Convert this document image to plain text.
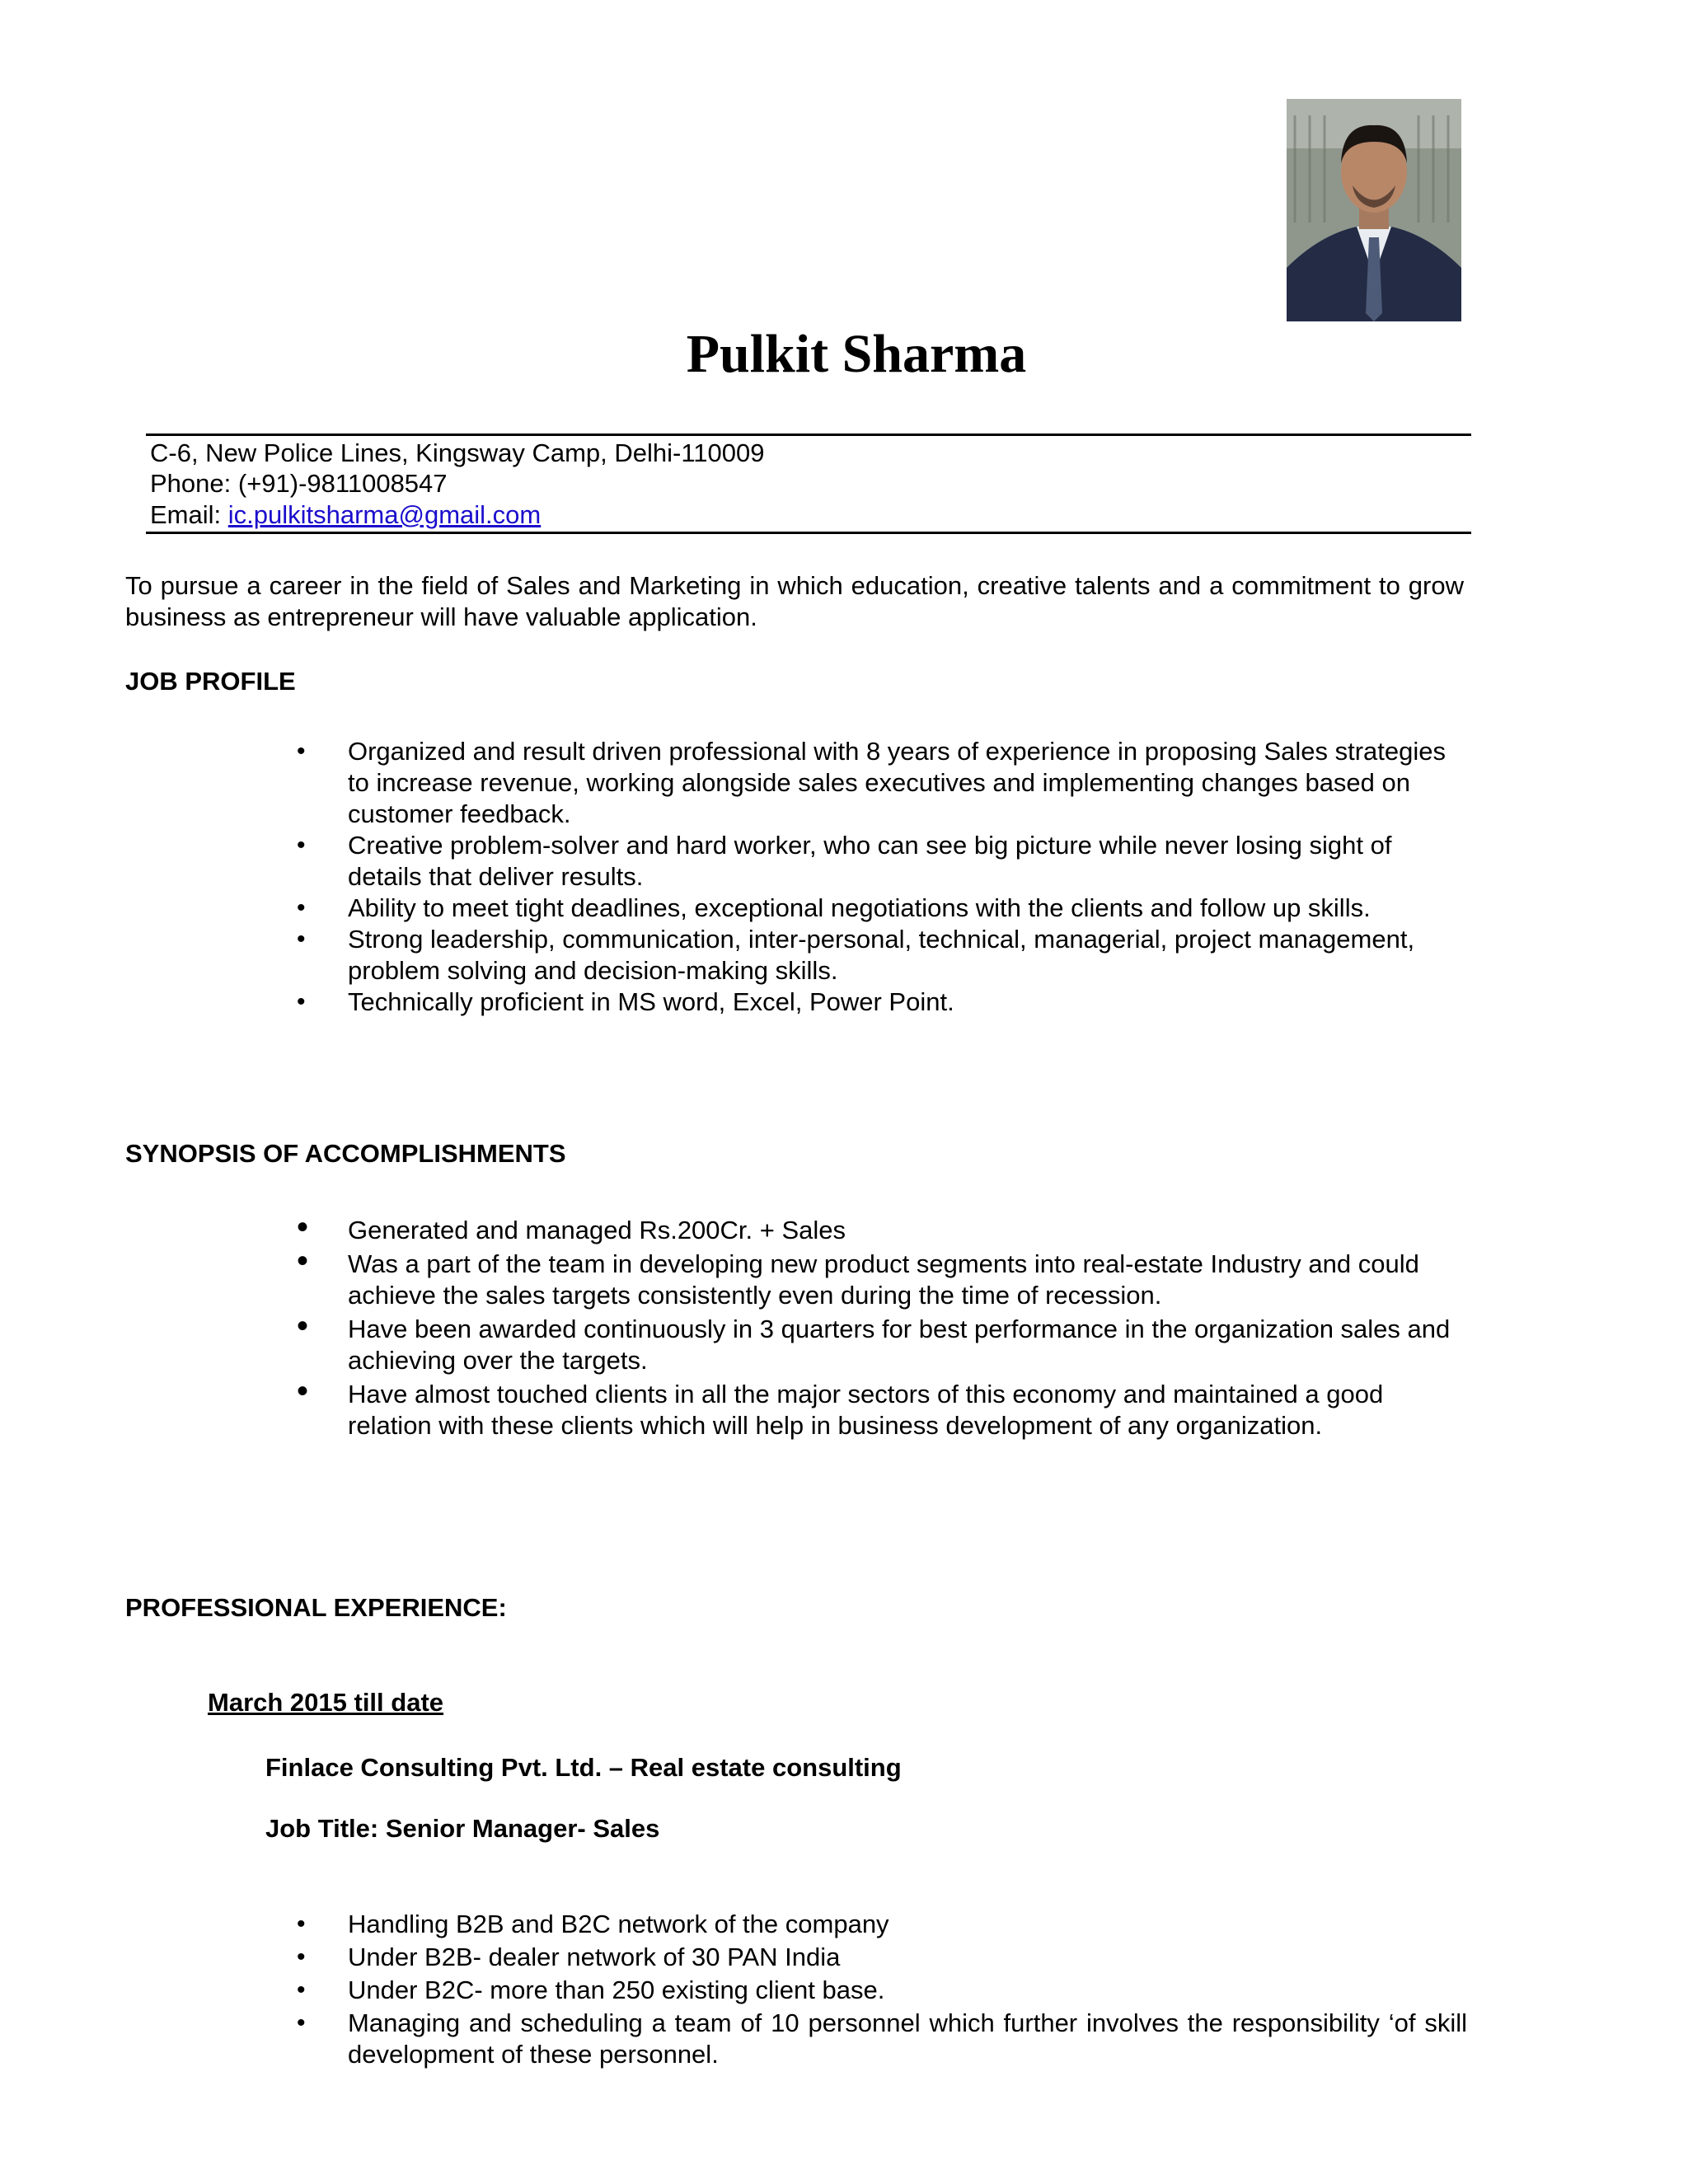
Pulkit Sharma
C-6, New Police Lines, Kingsway Camp, Delhi-110009
Phone: (+91)-9811008547
Email: ic.pulkitsharma@gmail.com
To pursue a career in the field of Sales and Marketing in which education, creative talents and a commitment to grow business as entrepreneur will have valuable application.
JOB PROFILE
• Organized and result driven professional with 8 years of experience in proposing Sales strategies to increase revenue, working alongside sales executives and implementing changes based on customer feedback.
• Creative problem-solver and hard worker, who can see big picture while never losing sight of details that deliver results.
• Ability to meet tight deadlines, exceptional negotiations with the clients and follow up skills.
• Strong leadership, communication, inter-personal, technical, managerial, project management, problem solving and decision-making skills.
• Technically proficient in MS word, Excel, Power Point.
SYNOPSIS OF ACCOMPLISHMENTS
• Generated and managed Rs.200Cr. + Sales
• Was a part of the team in developing new product segments into real-estate Industry and could achieve the sales targets consistently even during the time of recession.
• Have been awarded continuously in 3 quarters for best performance in the organization sales and achieving over the targets.
• Have almost touched clients in all the major sectors of this economy and maintained a good relation with these clients which will help in business development of any organization.
PROFESSIONAL EXPERIENCE:
March 2015 till date
Finlace Consulting Pvt. Ltd. – Real estate consulting
Job Title: Senior Manager- Sales
• Handling B2B and B2C network of the company
• Under B2B- dealer network of 30 PAN India
• Under B2C- more than 250 existing client base.
• Managing and scheduling a team of 10 personnel which further involves the responsibility ‘of skill development of these personnel.
